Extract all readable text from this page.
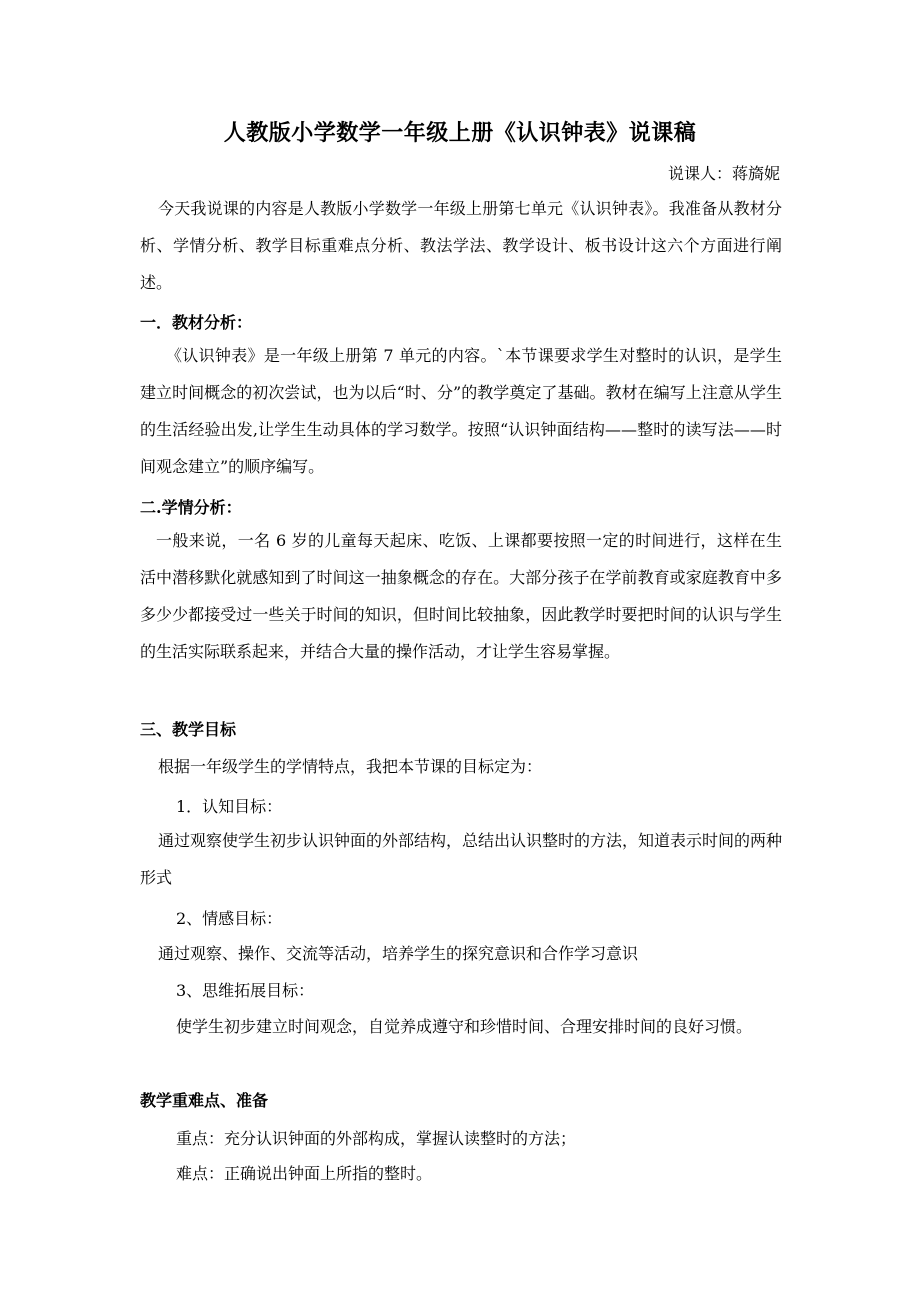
人教版小学数学一年级上册《认识钟表》说课稿
说课人：蒋旖妮
今天我说课的内容是人教版小学数学一年级上册第七单元《认识钟表》。我准备从教材分析、学情分析、教学目标重难点分析、教法学法、教学设计、板书设计这六个方面进行阐述。
一．教材分析：
《认识钟表》是一年级上册第 7 单元的内容。`本节课要求学生对整时的认识，是学生建立时间概念的初次尝试，也为以后“时、分”的教学奠定了基础。教材在编写上注意从学生的生活经验出发,让学生生动具体的学习数学。按照“认识钟面结构——整时的读写法——时间观念建立”的顺序编写。
二.学情分析：
一般来说，一名 6 岁的儿童每天起床、吃饭、上课都要按照一定的时间进行，这样在生活中潜移默化就感知到了时间这一抽象概念的存在。大部分孩子在学前教育或家庭教育中多多少少都接受过一些关于时间的知识，但时间比较抽象，因此教学时要把时间的认识与学生的生活实际联系起来，并结合大量的操作活动，才让学生容易掌握。
三、教学目标
根据一年级学生的学情特点，我把本节课的目标定为：
1．认知目标：
通过观察使学生初步认识钟面的外部结构，总结出认识整时的方法，知道表示时间的两种形式
2、情感目标：
通过观察、操作、交流等活动，培养学生的探究意识和合作学习意识
3、思维拓展目标：
使学生初步建立时间观念，自觉养成遵守和珍惜时间、合理安排时间的良好习惯。
教学重难点、准备
重点：充分认识钟面的外部构成，掌握认读整时的方法；
难点：正确说出钟面上所指的整时。
